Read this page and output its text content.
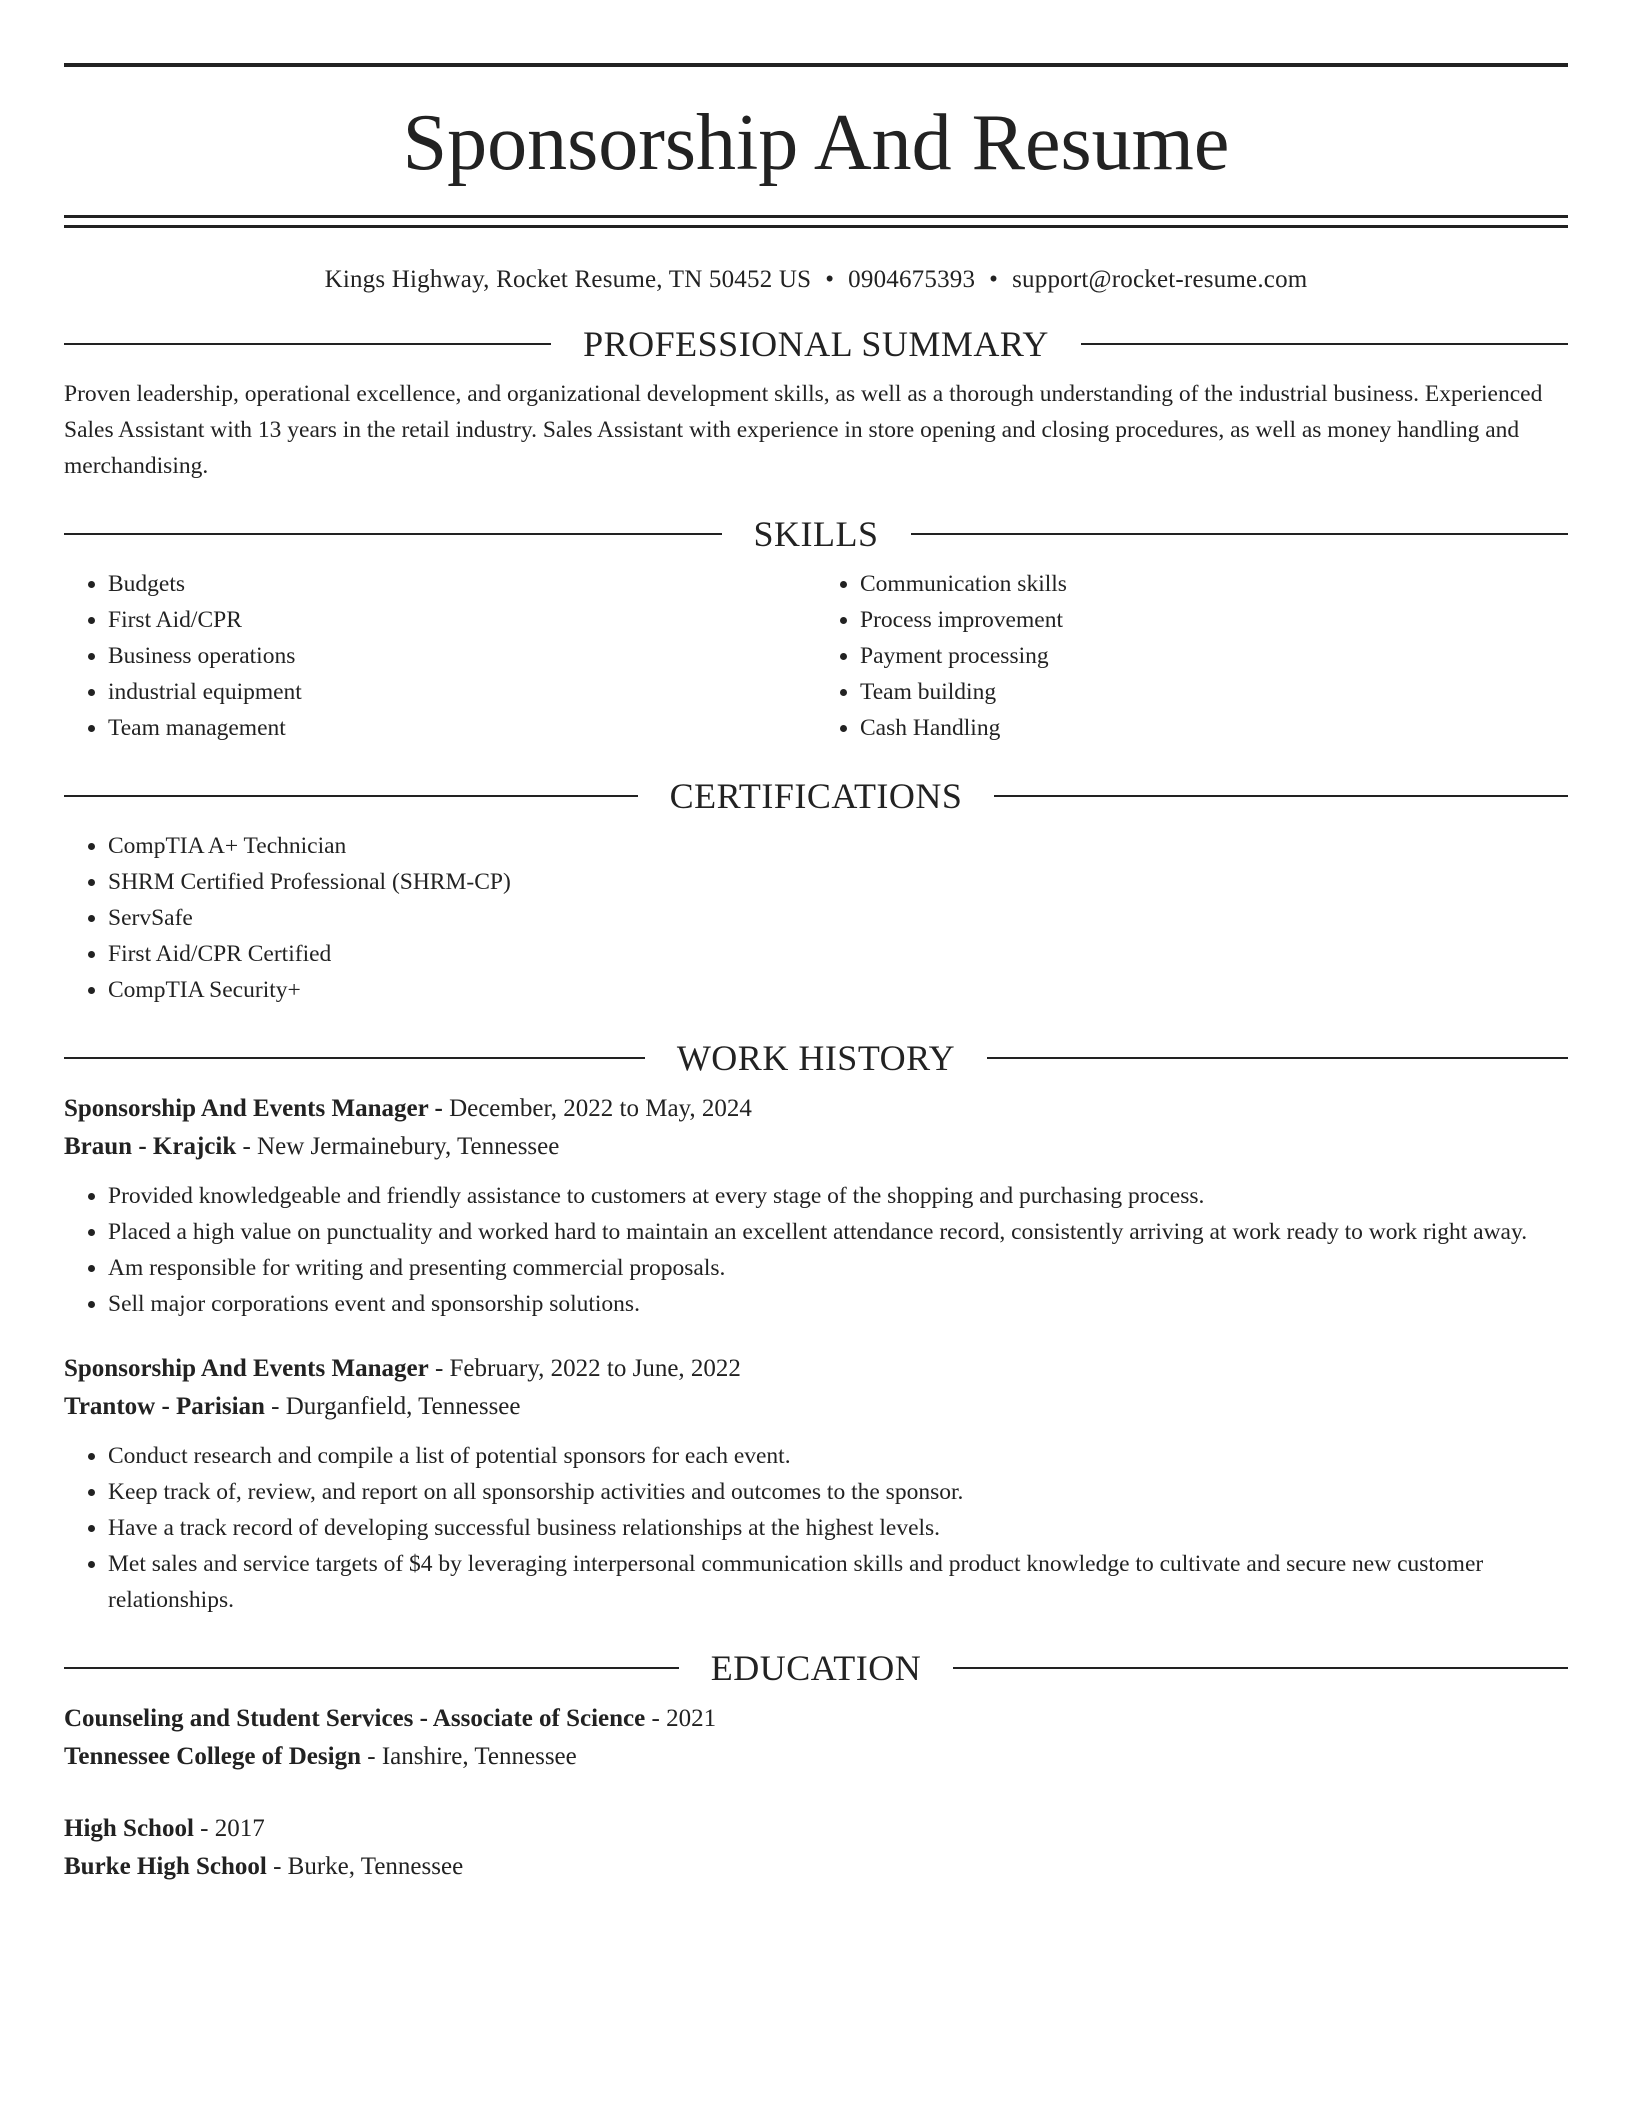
Sponsorship And Resume
Kings Highway, Rocket Resume, TN 50452 US • 0904675393 • support@rocket-resume.com
PROFESSIONAL SUMMARY

Proven leadership, operational excellence, and organizational development skills, as well as a thorough understanding of the industrial business. Experienced Sales Assistant with 13 years in the retail industry. Sales Assistant with experience in store opening and closing procedures, as well as money handling and merchandising.

SKILLS
• Budgets
• First Aid/CPR
• Business operations
• industrial equipment
• Team management
• Communication skills
• Process improvement
• Payment processing
• Team building
• Cash Handling
CERTIFICATIONS
• CompTIA A+ Technician
• SHRM Certified Professional (SHRM-CP)
• ServSafe
• First Aid/CPR Certified
• CompTIA Security+
WORK HISTORY
Sponsorship And Events Manager - December, 2022 to May, 2024
Braun - Krajcik - New Jermainebury, Tennessee
• Provided knowledgeable and friendly assistance to customers at every stage of the shopping and purchasing process.
• Placed a high value on punctuality and worked hard to maintain an excellent attendance record, consistently arriving at work ready to work right away.
• Am responsible for writing and presenting commercial proposals.
• Sell major corporations event and sponsorship solutions.
Sponsorship And Events Manager - February, 2022 to June, 2022
Trantow - Parisian - Durganfield, Tennessee
• Conduct research and compile a list of potential sponsors for each event.
• Keep track of, review, and report on all sponsorship activities and outcomes to the sponsor.
• Have a track record of developing successful business relationships at the highest levels.
• Met sales and service targets of $4 by leveraging interpersonal communication skills and product knowledge to cultivate and secure new customer relationships.
EDUCATION
Counseling and Student Services - Associate of Science - 2021
Tennessee College of Design - Ianshire, Tennessee
High School - 2017
Burke High School - Burke, Tennessee
